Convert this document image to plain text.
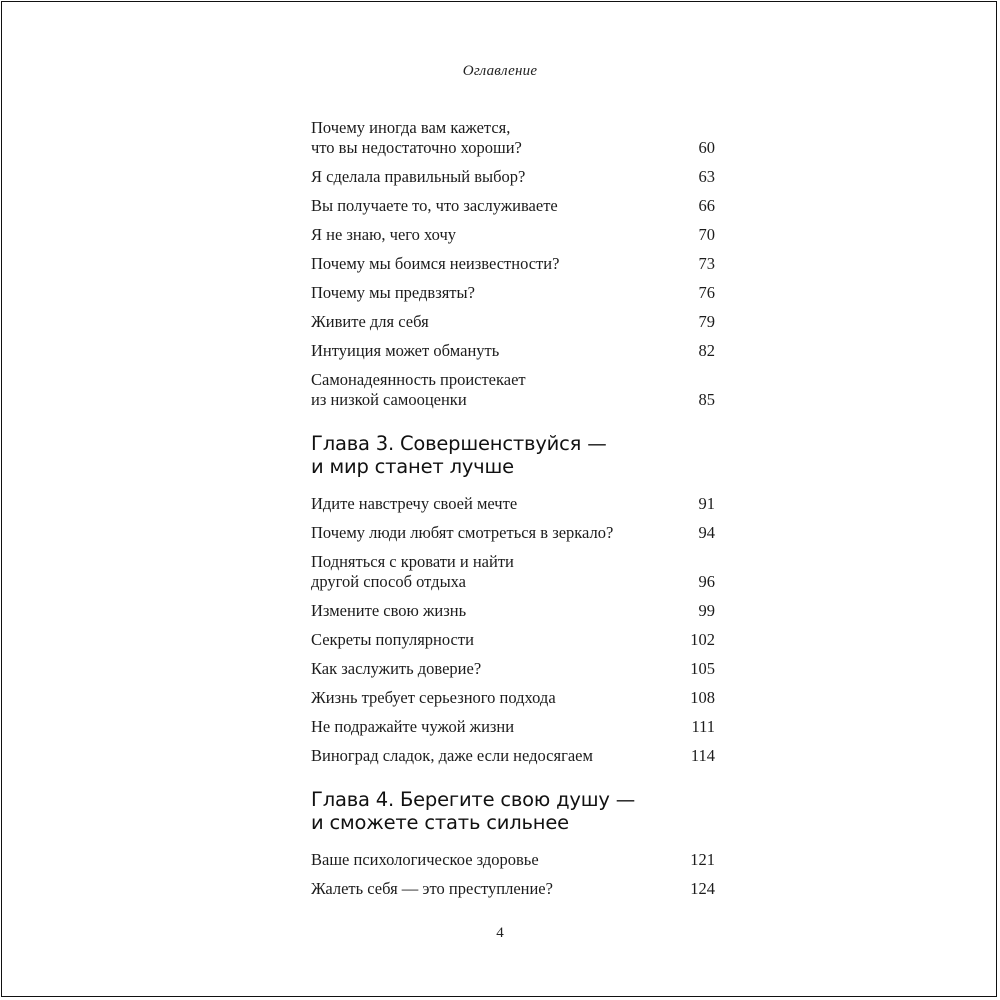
Оглавление
Почему иногда вам кажется,
что вы недостаточно хороши?	60
Я сделала правильный выбор?	63
Вы получаете то, что заслуживаете	66
Я не знаю, чего хочу	70
Почему мы боимся неизвестности?	73
Почему мы предвзяты?	76
Живите для себя	79
Интуиция может обмануть	82
Самонадеянность проистекает
из низкой самооценки	85
Глава 3. Совершенствуйся —
и мир станет лучше
Идите навстречу своей мечте	91
Почему люди любят смотреться в зеркало?	94
Подняться с кровати и найти
другой способ отдыха	96
Измените свою жизнь	99
Секреты популярности	102
Как заслужить доверие?	105
Жизнь требует серьезного подхода	108
Не подражайте чужой жизни	111
Виноград сладок, даже если недосягаем	114
Глава 4. Берегите свою душу —
и сможете стать сильнее
Ваше психологическое здоровье	121
Жалеть себя — это преступление?	124
4
